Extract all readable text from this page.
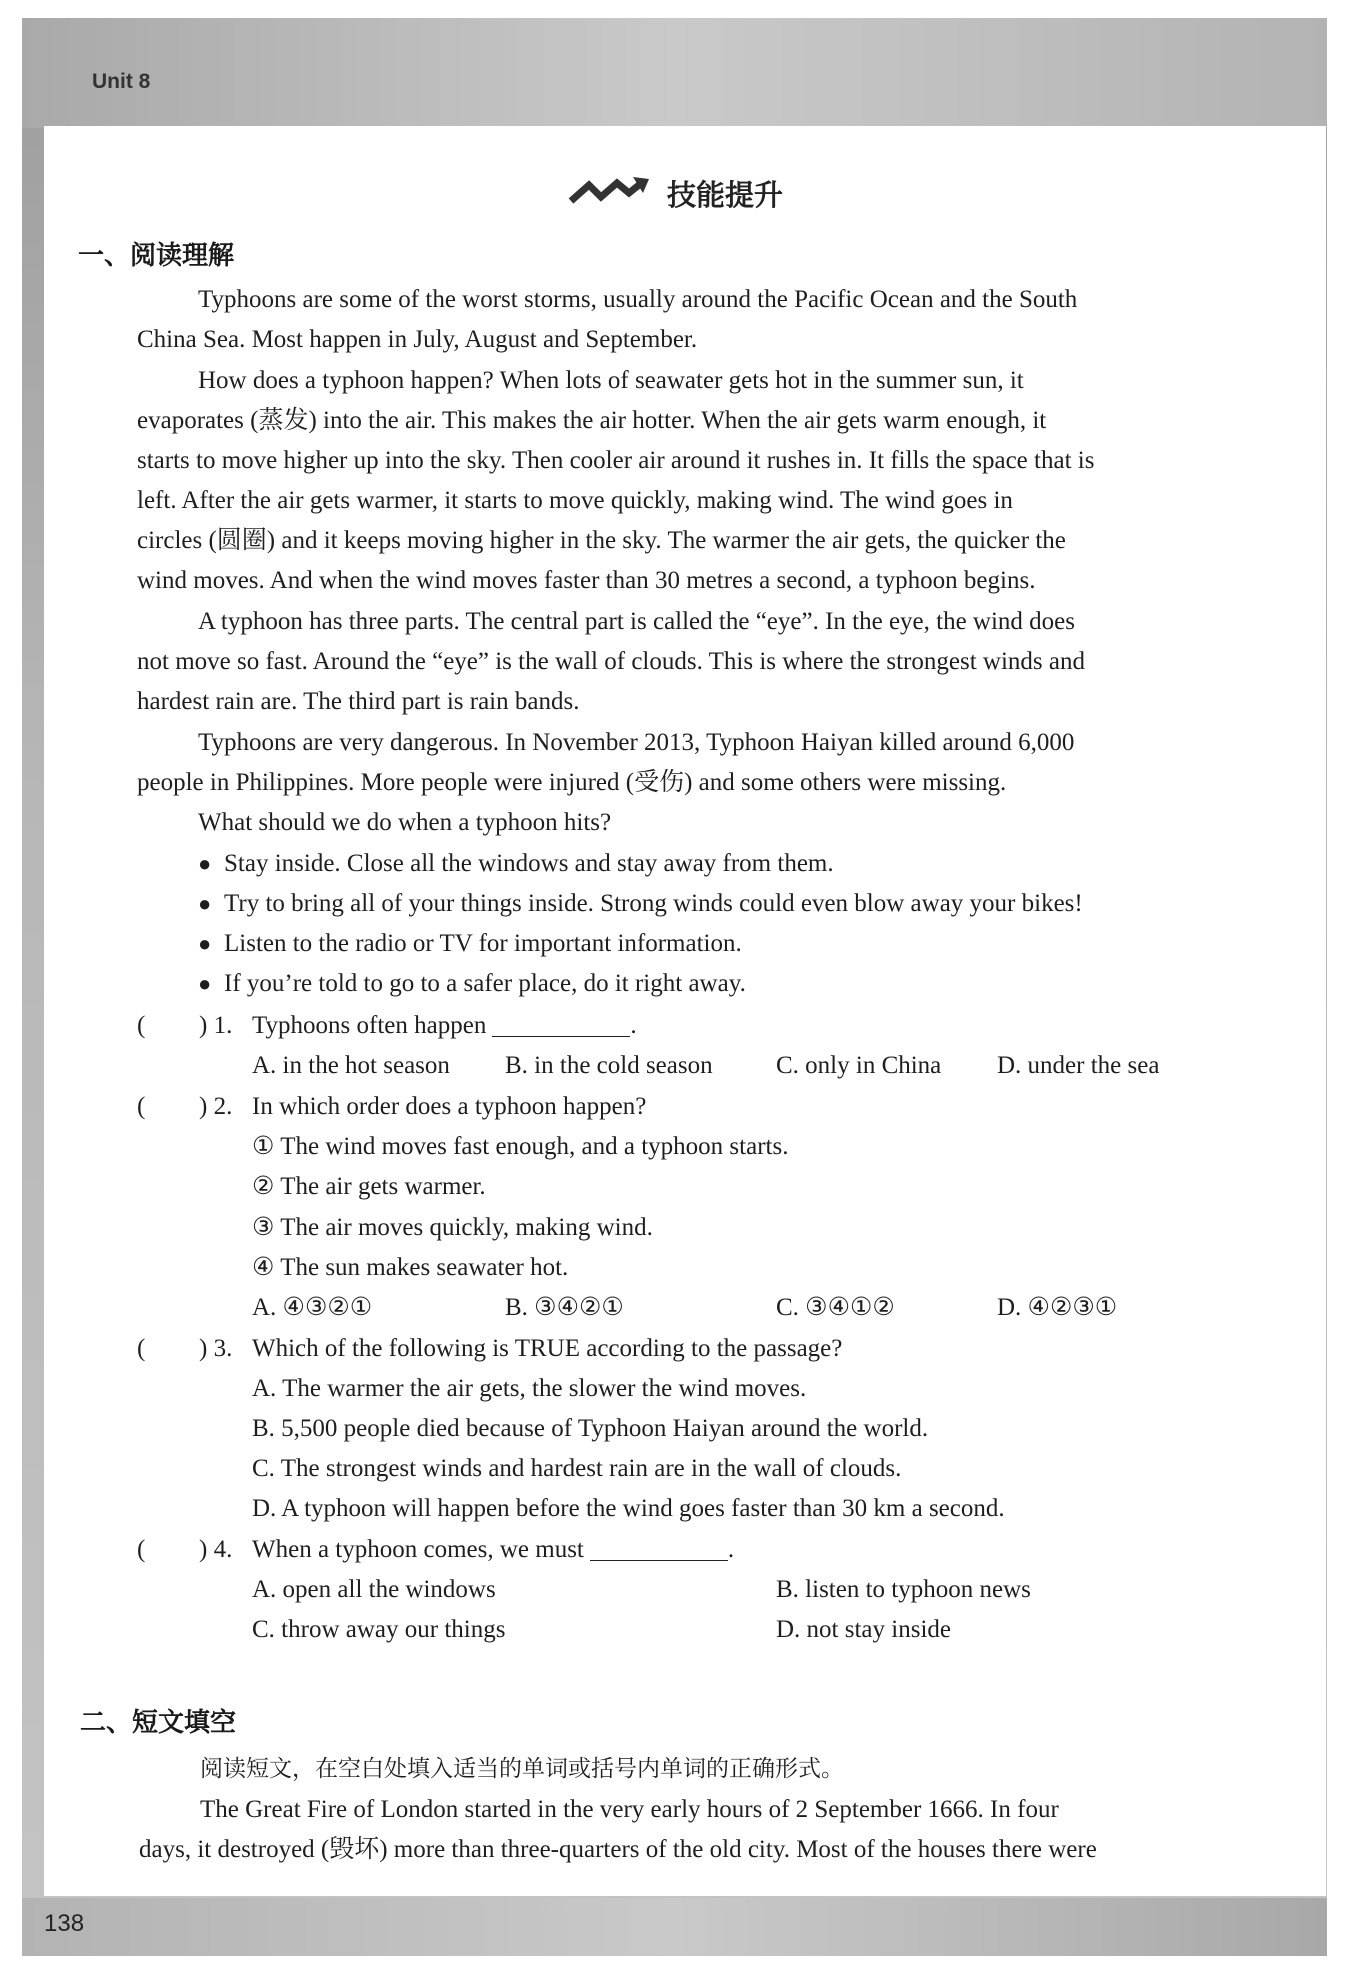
Unit 8
138
技能提升
一、阅读理解
Typhoons are some of the worst storms, usually around the Pacific Ocean and the South
China Sea. Most happen in July, August and September.
How does a typhoon happen? When lots of seawater gets hot in the summer sun, it
evaporates (蒸发) into the air. This makes the air hotter. When the air gets warm enough, it
starts to move higher up into the sky. Then cooler air around it rushes in. It fills the space that is
left. After the air gets warmer, it starts to move quickly, making wind. The wind goes in
circles (圆圈) and it keeps moving higher in the sky. The warmer the air gets, the quicker the
wind moves. And when the wind moves faster than 30 metres a second, a typhoon begins.
A typhoon has three parts. The central part is called the “eye”. In the eye, the wind does
not move so fast. Around the “eye” is the wall of clouds. This is where the strongest winds and
hardest rain are. The third part is rain bands.
Typhoons are very dangerous. In November 2013, Typhoon Haiyan killed around 6,000
people in Philippines. More people were injured (受伤) and some others were missing.
What should we do when a typhoon hits?
● Stay inside. Close all the windows and stay away from them.
● Try to bring all of your things inside. Strong winds could even blow away your bikes!
● Listen to the radio or TV for important information.
● If you’re told to go to a safer place, do it right away.
( ) 1. Typhoons often happen	.
A. in the hot season B. in the cold season	C. only in China D. under the sea
( ) 2. In which order does a typhoon happen?
① The wind moves fast enough, and a typhoon starts.
② The air gets warmer.
③ The air moves quickly, making wind.
④ The sun makes seawater hot.
A. ④③②①	B. ③④②①	C. ③④①②	D. ④②③①
( ) 3. Which of the following is TRUE according to the passage?
A. The warmer the air gets, the slower the wind moves.
B. 5,500 people died because of Typhoon Haiyan around the world.
C. The strongest winds and hardest rain are in the wall of clouds.
D. A typhoon will happen before the wind goes faster than 30 km a second.
( ) 4. When a typhoon comes, we must	.
A. open all the windows	B. listen to typhoon news
C. throw away our things	D. not stay inside
二、短文填空
阅读短文，在空白处填入适当的单词或括号内单词的正确形式。
The Great Fire of London started in the very early hours of 2 September 1666. In four
days, it destroyed (毁坏) more than three-quarters of the old city. Most of the houses there were
